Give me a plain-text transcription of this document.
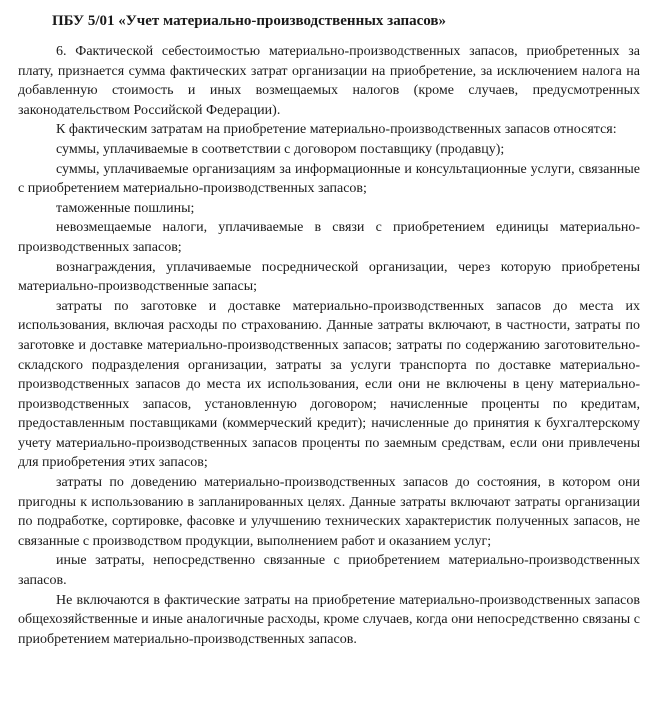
ПБУ 5/01 «Учет материально-производственных запасов»

6. Фактической себестоимостью материально-производственных запасов, приобретенных за плату, признается сумма фактических затрат организации на приобретение, за исключением налога на добавленную стоимость и иных возмещаемых налогов (кроме случаев, предусмотренных законодательством Российской Федерации).

К фактическим затратам на приобретение материально-производственных запасов относятся:

суммы, уплачиваемые в соответствии с договором поставщику (продавцу);

суммы, уплачиваемые организациям за информационные и консультационные услуги, связанные с приобретением материально-производственных запасов;

таможенные пошлины;

невозмещаемые налоги, уплачиваемые в связи с приобретением единицы материально-производственных запасов;

вознаграждения, уплачиваемые посреднической организации, через которую приобретены материально-производственные запасы;

затраты по заготовке и доставке материально-производственных запасов до места их использования, включая расходы по страхованию. Данные затраты включают, в частности, затраты по заготовке и доставке материально-производственных запасов; затраты по содержанию заготовительно-складского подразделения организации, затраты за услуги транспорта по доставке материально-производственных запасов до места их использования, если они не включены в цену материально-производственных запасов, установленную договором; начисленные проценты по кредитам, предоставленным поставщиками (коммерческий кредит); начисленные до принятия к бухгалтерскому учету материально-производственных запасов проценты по заемным средствам, если они привлечены для приобретения этих запасов;

затраты по доведению материально-производственных запасов до состояния, в котором они пригодны к использованию в запланированных целях. Данные затраты включают затраты организации по подработке, сортировке, фасовке и улучшению технических характеристик полученных запасов, не связанные с производством продукции, выполнением работ и оказанием услуг;

иные затраты, непосредственно связанные с приобретением материально-производственных запасов.

Не включаются в фактические затраты на приобретение материально-производственных запасов общехозяйственные и иные аналогичные расходы, кроме случаев, когда они непосредственно связаны с приобретением материально-производственных запасов.
